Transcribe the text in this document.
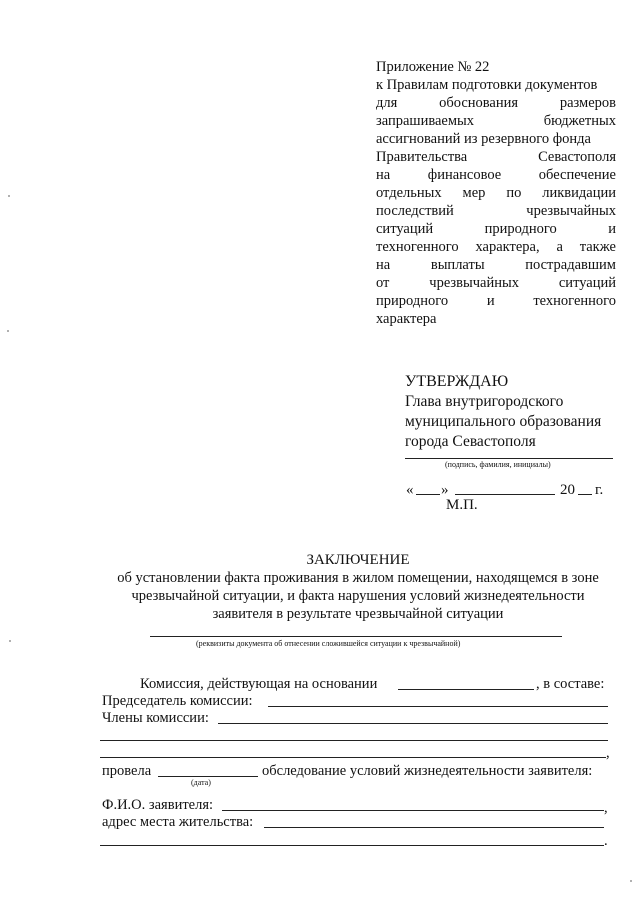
Приложение № 22
к Правилам подготовки документов
для	обоснования	размеров
запрашиваемых	бюджетных
ассигнований из резервного фонда
Правительства	Севастополя
на	финансовое	обеспечение
отдельных мер по ликвидации
последствий	чрезвычайных
ситуаций	природного	и
техногенного характера, а также
на	выплаты	пострадавшим
от	чрезвычайных	ситуаций
природного	и	техногенного
характера
УТВЕРЖДАЮ
Глава внутригородского
муниципального образования
города Севастополя
(подпись, фамилия, инициалы)
« »	20 г.
М.П.
ЗАКЛЮЧЕНИЕ
об установлении факта проживания в жилом помещении, находящемся в зоне
чрезвычайной ситуации, и факта нарушения условий жизнедеятельности
заявителя в результате чрезвычайной ситуации
(реквизиты документа об отнесении сложившейся ситуации к чрезвычайной)
Комиссия, действующая на основании	, в составе:
Председатель комиссии:
Члены комиссии:
,
провела
(дата)
обследование условий жизнедеятельности заявителя:
Ф.И.О. заявителя:	,
адрес места жительства:
.
